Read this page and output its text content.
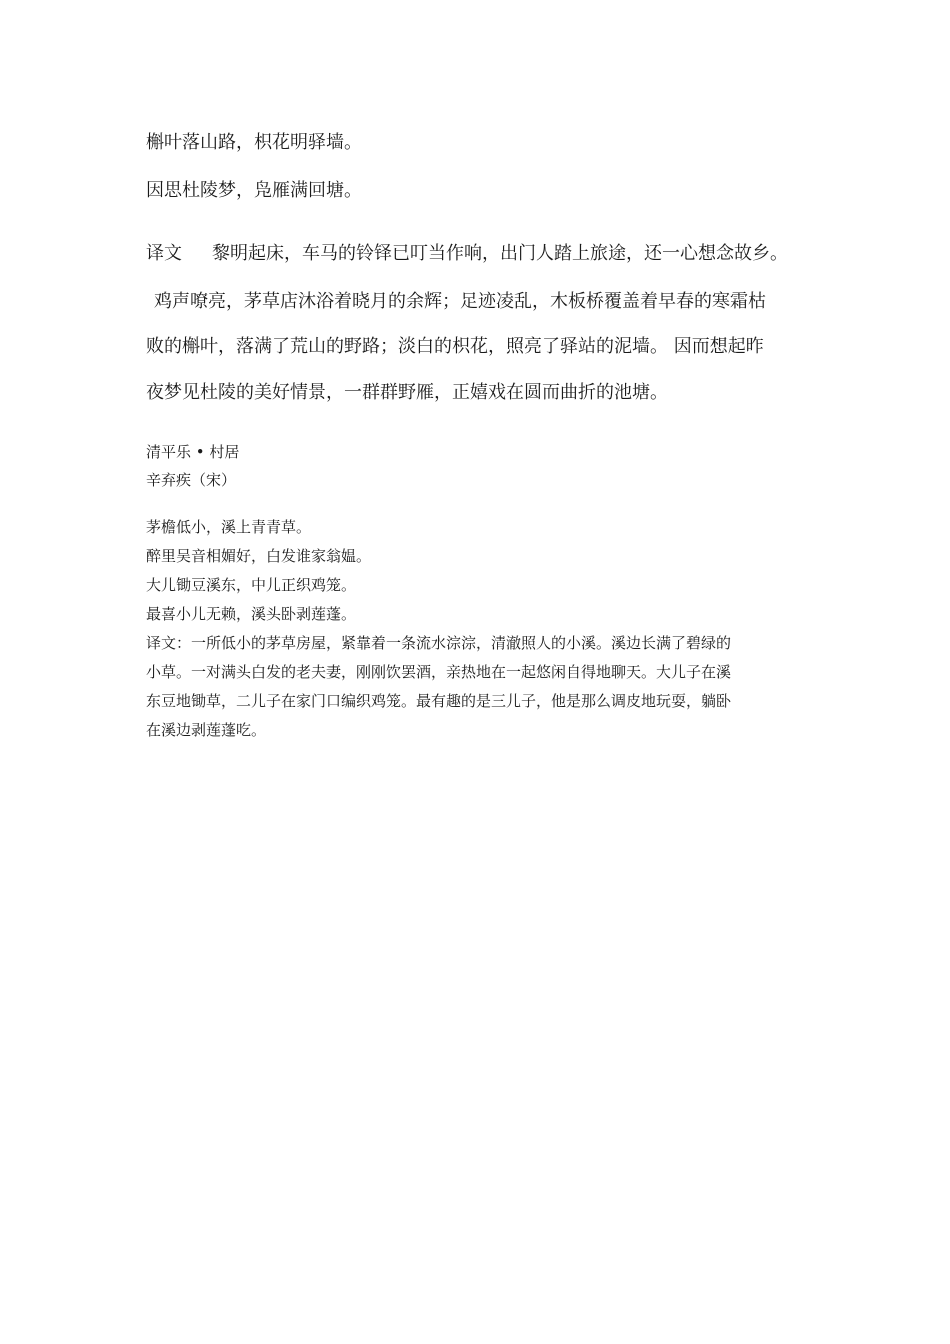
槲叶落山路，枳花明驿墙。

因思杜陵梦，凫雁满回塘。

译文 黎明起床，车马的铃铎已叮当作响，出门人踏上旅途，还一心想念故乡。

鸡声嘹亮，茅草店沐浴着晓月的余辉；足迹凌乱，木板桥覆盖着早春的寒霜枯

败的槲叶，落满了荒山的野路；淡白的枳花，照亮了驿站的泥墙。 因而想起昨

夜梦见杜陵的美好情景，一群群野雁，正嬉戏在圆而曲折的池塘。

清平乐 • 村居

辛弃疾（宋）

茅檐低小，溪上青青草。

醉里吴音相媚好，白发谁家翁媪。

大儿锄豆溪东，中儿正织鸡笼。

最喜小儿无赖，溪头卧剥莲蓬。

译文：一所低小的茅草房屋，紧靠着一条流水淙淙，清澈照人的小溪。溪边长满了碧绿的

小草。一对满头白发的老夫妻，刚刚饮罢酒，亲热地在一起悠闲自得地聊天。大儿子在溪

东豆地锄草，二儿子在家门口编织鸡笼。最有趣的是三儿子，他是那么调皮地玩耍，躺卧

在溪边剥莲蓬吃。
